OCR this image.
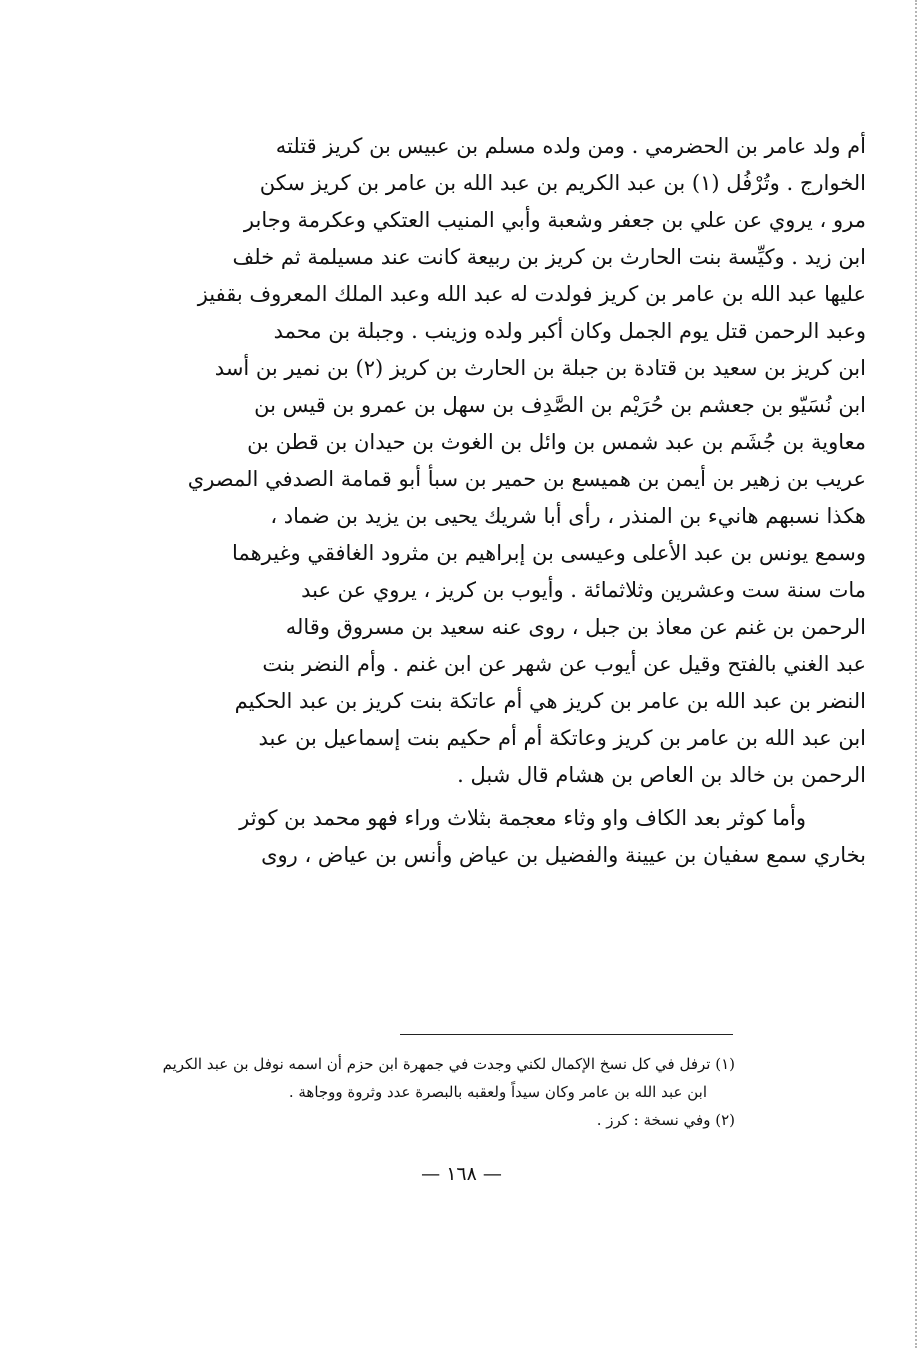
أم ولد عامر بن الحضرمي . ومن ولده مسلم بن عبيس بن كريز قتلته
الخوارج . وتُرْفُل (١) بن عبد الكريم بن عبد الله بن عامر بن كريز سكن
مرو ، يروي عن علي بن جعفر وشعبة وأبي المنيب العتكي وعكرمة وجابر
ابن زيد . وكيِّسة بنت الحارث بن كريز بن ربيعة كانت عند مسيلمة ثم خلف
عليها عبد الله بن عامر بن كريز فولدت له عبد الله وعبد الملك المعروف بقفيز
وعبد الرحمن قتل يوم الجمل وكان أكبر ولده وزينب . وجبلة بن محمد
ابن كريز بن سعيد بن قتادة بن جبلة بن الحارث بن كريز (٢) بن نمير بن أسد
ابن نُسَيّو بن جعشم بن حُرَيْم بن الصَّدِف بن سهل بن عمرو بن قيس بن
معاوية بن جُشَم بن عبد شمس بن وائل بن الغوث بن حيدان بن قطن بن
عريب بن زهير بن أيمن بن هميسع بن حمير بن سبأ أبو قمامة الصدفي المصري
هكذا نسبهم هانيء بن المنذر ، رأى أبا شريك يحيى بن يزيد بن ضماد ،
وسمع يونس بن عبد الأعلى وعيسى بن إبراهيم بن مثرود الغافقي وغيرهما
مات سنة ست وعشرين وثلاثمائة . وأيوب بن كريز ، يروي عن عبد
الرحمن بن غنم عن معاذ بن جبل ، روى عنه سعيد بن مسروق وقاله
عبد الغني بالفتح وقيل عن أيوب عن شهر عن ابن غنم . وأم النضر بنت
النضر بن عبد الله بن عامر بن كريز هي أم عاتكة بنت كريز بن عبد الحكيم
ابن عبد الله بن عامر بن كريز وعاتكة أم أم حكيم بنت إسماعيل بن عبد
الرحمن بن خالد بن العاص بن هشام قال شبل .
وأما كوثر بعد الكاف واو وثاء معجمة بثلاث وراء فهو محمد بن كوثر
بخاري سمع سفيان بن عيينة والفضيل بن عياض وأنس بن عياض ، روى
(١) ترفل في كل نسخ الإكمال لكني وجدت في جمهرة ابن حزم أن اسمه نوفل بن عبد الكريم
ابن عبد الله بن عامر وكان سيداً ولعقبه بالبصرة عدد وثروة ووجاهة .
(٢) وفي نسخة : كرز .
— ١٦٨ —
